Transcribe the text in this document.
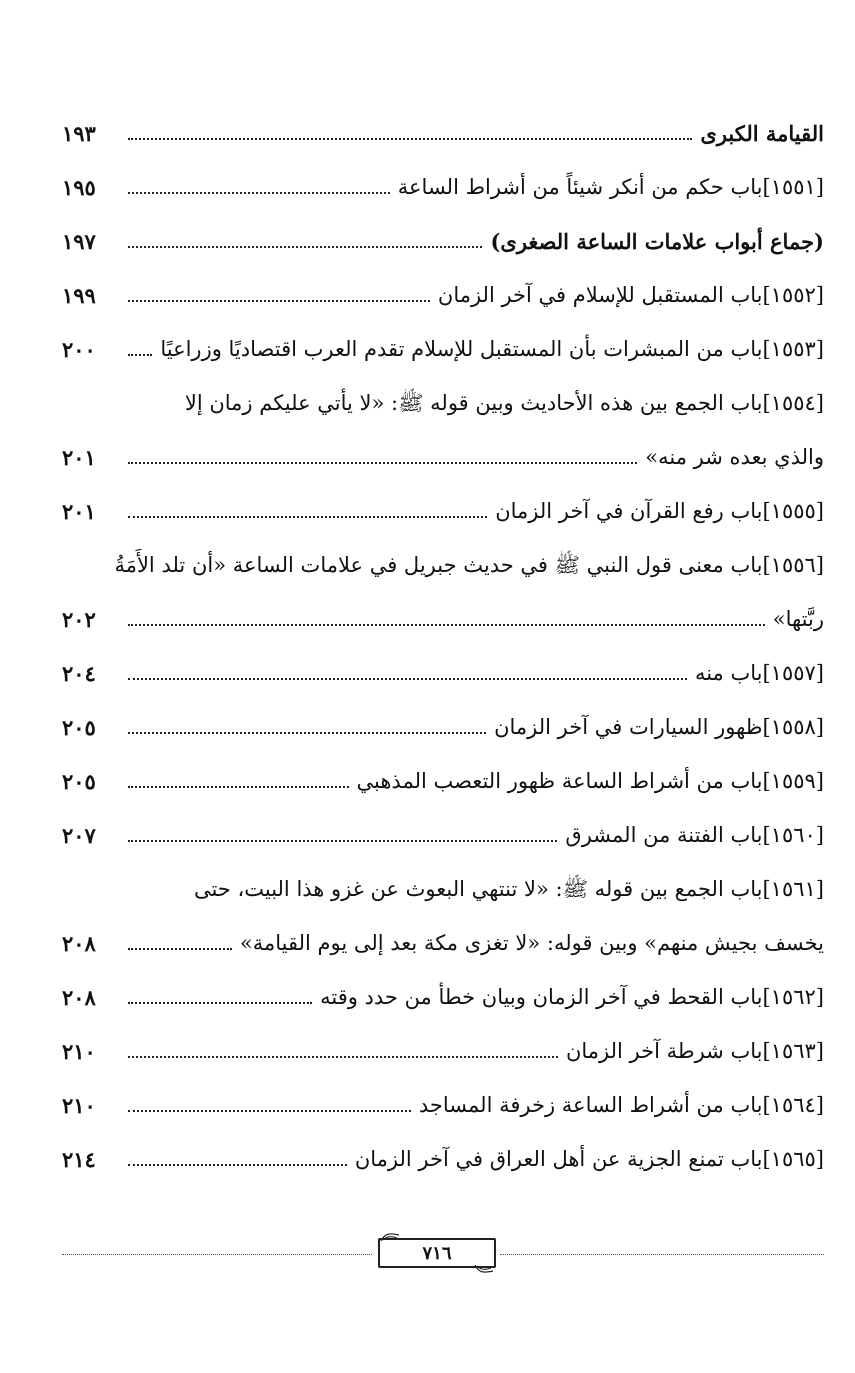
القيامة الكبرى
١٩٣
[١٥٥١]باب حكم من أنكر شيئاً من أشراط الساعة
١٩٥
(جماع أبواب علامات الساعة الصغرى)
١٩٧
[١٥٥٢]باب المستقبل للإسلام في آخر الزمان
١٩٩
[١٥٥٣]باب من المبشرات بأن المستقبل للإسلام تقدم العرب اقتصاديًا وزراعيًا
٢٠٠
[١٥٥٤]باب الجمع بين هذه الأحاديث وبين قوله ﷺ: «لا يأتي عليكم زمان إلا
والذي بعده شر منه»
٢٠١
[١٥٥٥]باب رفع القرآن في آخر الزمان
٢٠١
[١٥٥٦]باب معنى قول النبي ﷺ في حديث جبريل في علامات الساعة «أن تلد الأَمَةُ
ربَّتها»
٢٠٢
[١٥٥٧]باب منه
٢٠٤
[١٥٥٨]ظهور السيارات في آخر الزمان
٢٠٥
[١٥٥٩]باب من أشراط الساعة ظهور التعصب المذهبي
٢٠٥
[١٥٦٠]باب الفتنة من المشرق
٢٠٧
[١٥٦١]باب الجمع بين قوله ﷺ: «لا تنتهي البعوث عن غزو هذا البيت، حتى
يخسف بجيش منهم» وبين قوله: «لا تغزى مكة بعد إلى يوم القيامة»
٢٠٨
[١٥٦٢]باب القحط في آخر الزمان وبيان خطأ من حدد وقته
٢٠٨
[١٥٦٣]باب شرطة آخر الزمان
٢١٠
[١٥٦٤]باب من أشراط الساعة زخرفة المساجد
٢١٠
[١٥٦٥]باب تمنع الجزية عن أهل العراق في آخر الزمان
٢١٤
٧١٦
